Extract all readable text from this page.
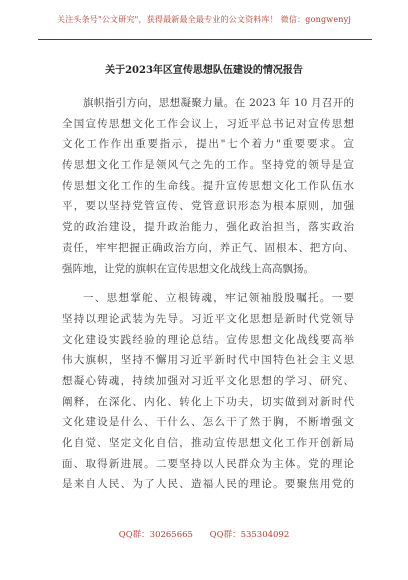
关注头条号"公文研究"，获得最新最全最专业的公文资料库！ 微信：gongwenyj
关于2023年区宣传思想队伍建设的情况报告
旗帜指引方向，思想凝聚力量。在 2023 年 10 月召开的
全国宣传思想文化工作会议上，习近平总书记对宣传思想
文化工作作出重要指示，提出"七个着力"重要要求。宣
传思想文化工作是领风气之先的工作。坚持党的领导是宣
传思想文化工作的生命线。提升宣传思想文化工作队伍水
平，要以坚持党管宣传、党管意识形态为根本原则，加强
党的政治建设，提升政治能力，强化政治担当，落实政治
责任，牢牢把握正确政治方向，养正气、固根本、把方向、
强阵地，让党的旗帜在宣传思想文化战线上高高飘扬。
一、思想掌舵、立根铸魂，牢记领袖殷殷嘱托。一要
坚持以理论武装为先导。习近平文化思想是新时代党领导
文化建设实践经验的理论总结。宣传思想文化战线要高举
伟大旗帜，坚持不懈用习近平新时代中国特色社会主义思
想凝心铸魂，持续加强对习近平文化思想的学习、研究、
阐释，在深化、内化、转化上下功夫，切实做到对新时代
文化建设是什么、干什么、怎么干了然于胸，不断增强文
化自觉、坚定文化自信，推动宣传思想文化工作开创新局
面、取得新进展。二要坚持以人民群众为主体。党的理论
是来自人民、为了人民、造福人民的理论。要聚焦用党的
QQ群：30265665 QQ群：535304092
